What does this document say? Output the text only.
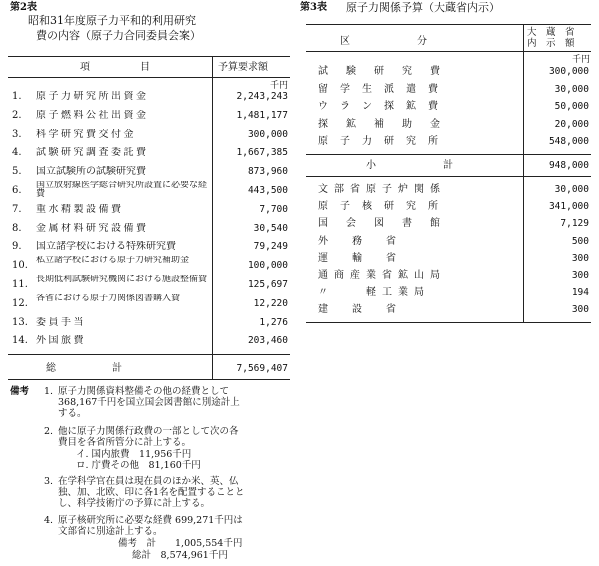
第2表
昭和31年度原子力平和的利用研究
費の内容（原子力合同委員会案）
項　　　　目	予算要求額
千円
1. 原子力研究所出資金	2,243,243
2. 原子燃料公社出資金	1,481,177
3. 科学研究費交付金	300,000
4. 試験研究調査委託費	1,667,385
5. 国立試験所の試験研究費	873,960
6. 国立放射線医学総合研究所設置に必要な経費	443,500
7. 重水精製設備費	7,700
8. 金属材料研究設備費	30,540
9. 国立諸学校における特殊研究費	79,249
10. 私立諸学校における原子力研究補助金	100,000
11. 長期低利試験研究機関における施設整備費	125,697
12. 各省における原子力関係図書購入費	12,220
13. 委員手当	1,276
14. 外国旅費	203,460
総　　　　　計	7,569,407
備考 1. 原子力関係資料整備その他の経費として
368,167千円を国立国会図書館に別途計上
する。
2. 他に原子力関係行政費の一部として次の各
費目を各省所管分に計上する。
イ. 国内旅費　11,956千円
ロ. 庁費その他　81,160千円
3. 在学科学官在員は現在員のほか米、英、仏
独、加、北欧、印に各1名を配置することと
し、科学技術庁の予算に計上する。
4. 原子核研究所に必要な経費 699,271千円は
文部省に別途計上する。
備考　計　　1,005,554千円
総計　8,574,961千円
第3表 原子力関係予算（大蔵省内示）
区　　　　　　分
大　蔵　省
内　示　額
千円
試験研究費	300,000
留学生派遣費	30,000
ウラン探鉱費	50,000
探鉱補助金	20,000
原子力研究所	548,000
小　　　　　　計	948,000
文部省原子炉関係	30,000
原子核研究所	341,000
国会図書館	7,129
外務省	500
運輸省	300
通商産業省鉱山局	300
〃　　軽工業局	194
建設省	300
